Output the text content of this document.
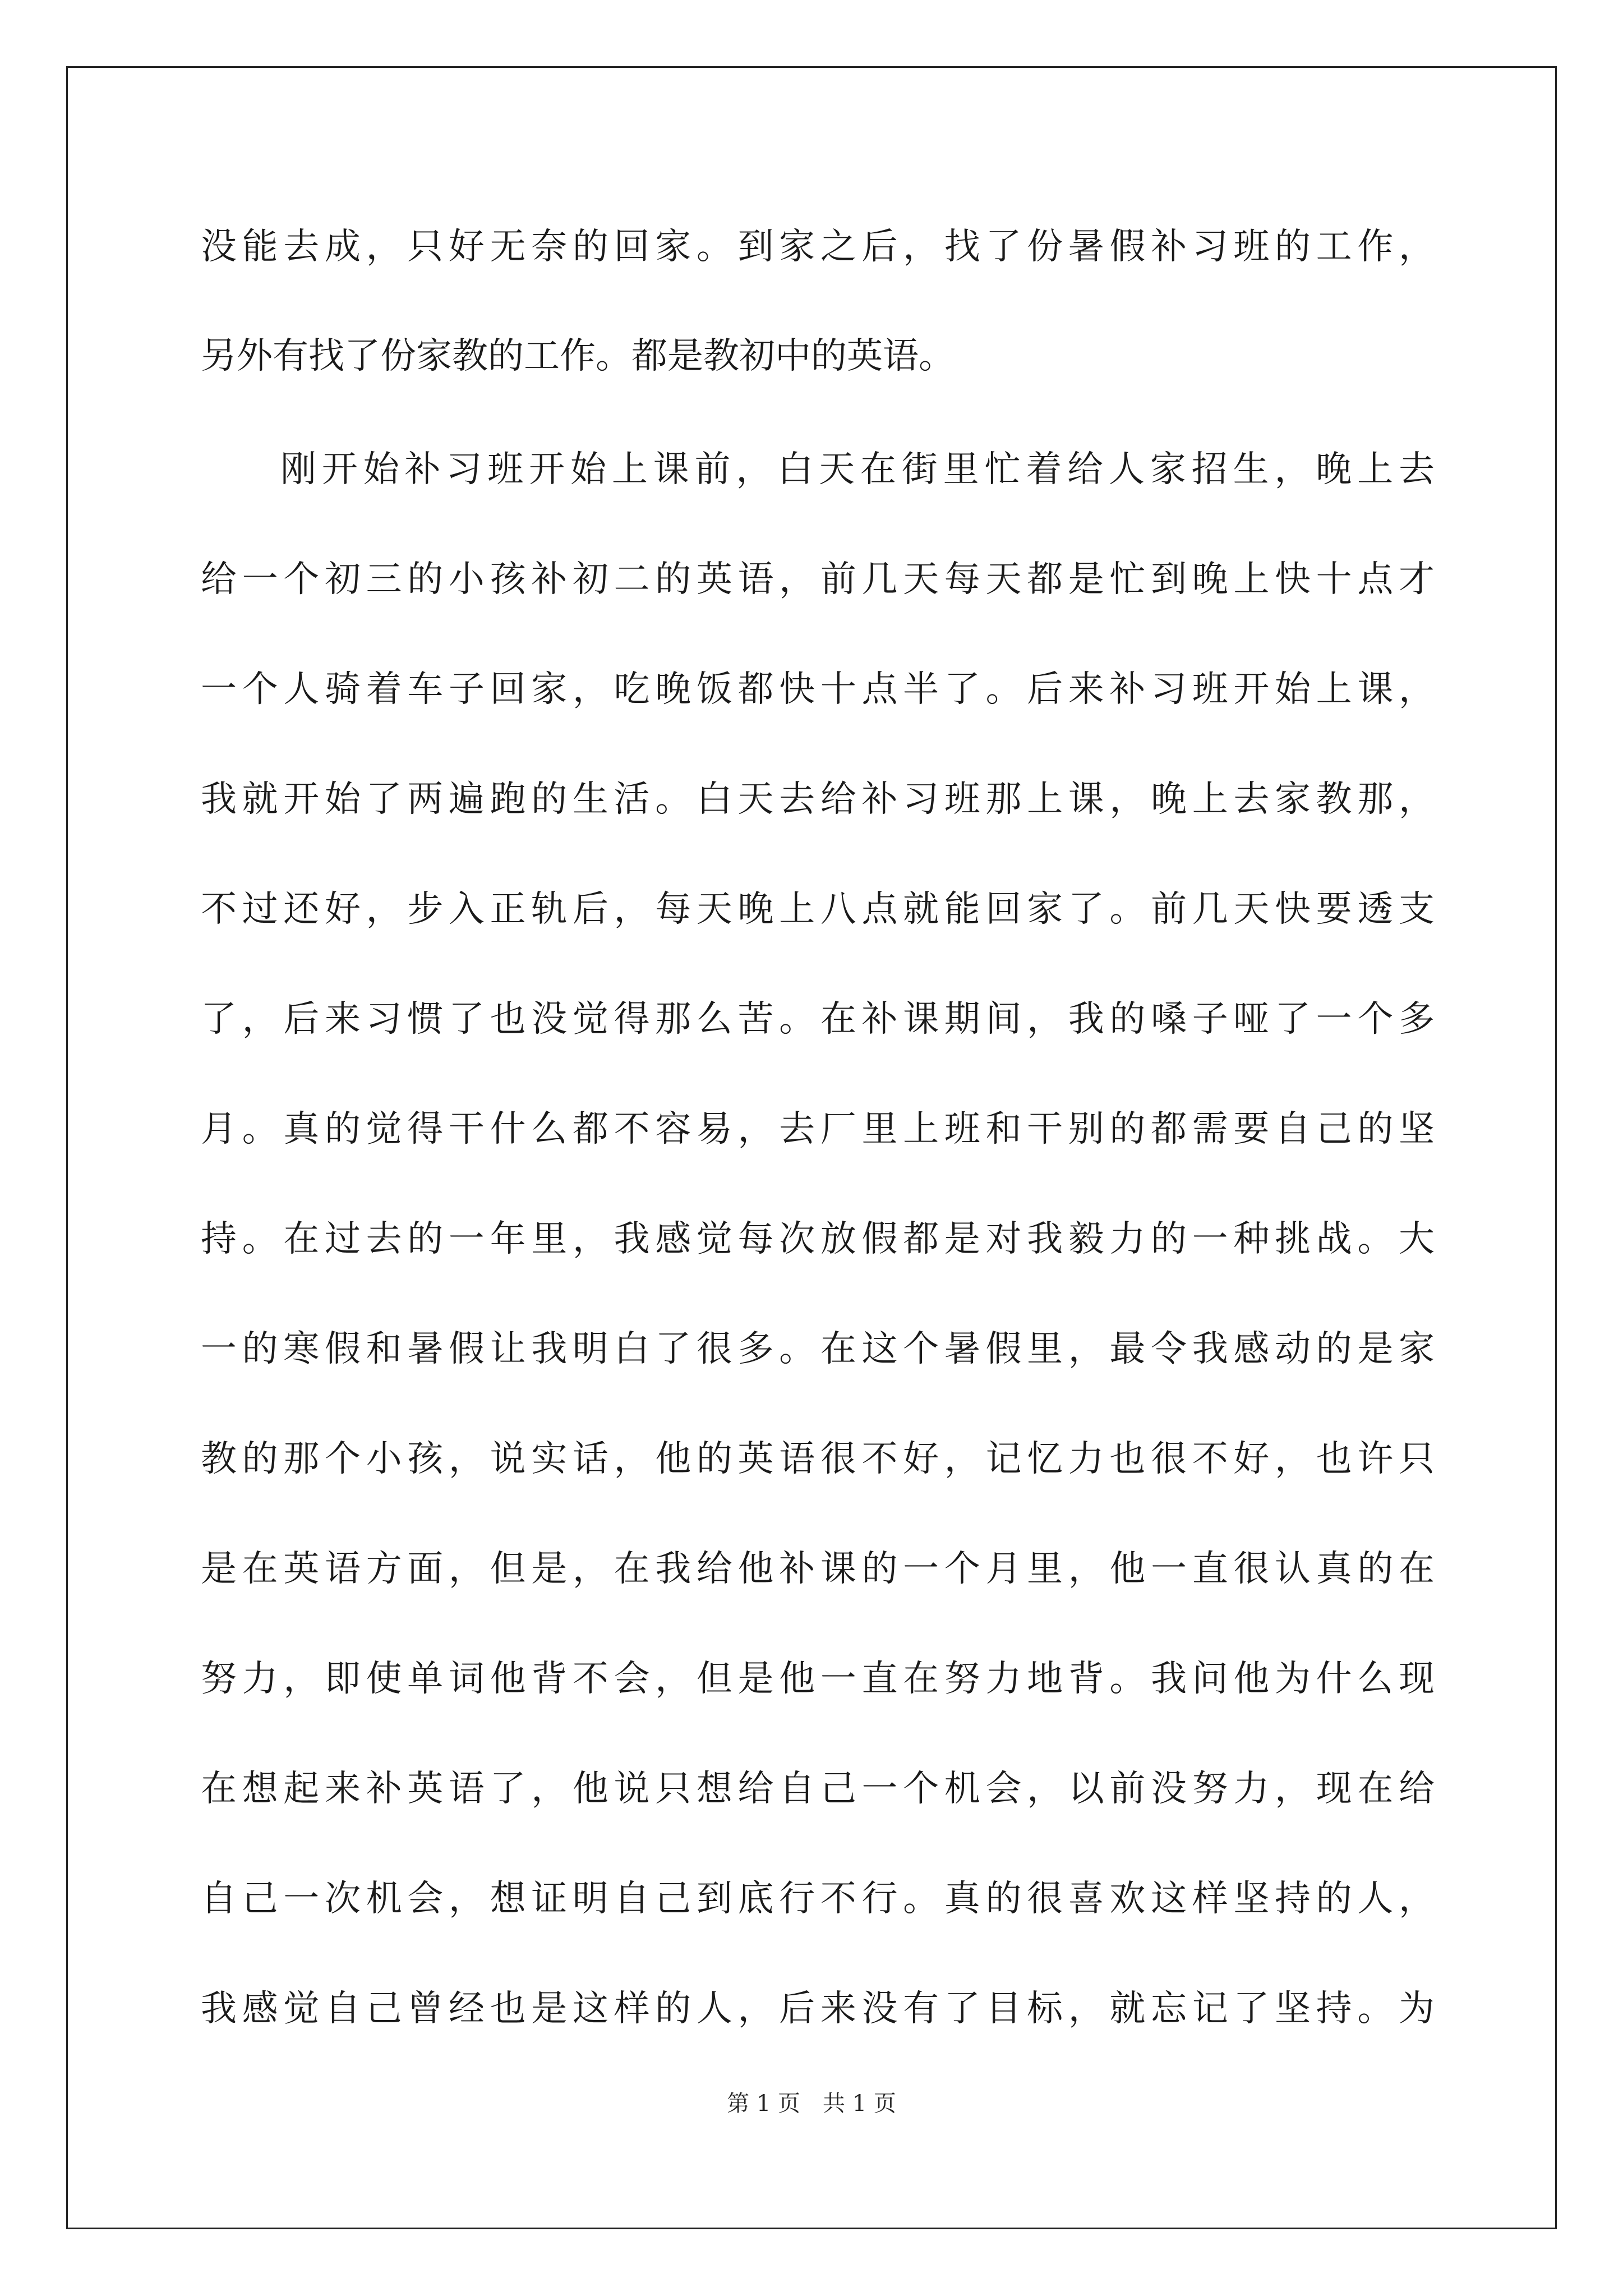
没能去成，只好无奈的回家。到家之后，找了份暑假补习班的工作，
另外有找了份家教的工作。都是教初中的英语。
刚开始补习班开始上课前，白天在街里忙着给人家招生，晚上去
给一个初三的小孩补初二的英语，前几天每天都是忙到晚上快十点才
一个人骑着车子回家，吃晚饭都快十点半了。后来补习班开始上课，
我就开始了两遍跑的生活。白天去给补习班那上课，晚上去家教那，
不过还好，步入正轨后，每天晚上八点就能回家了。前几天快要透支
了，后来习惯了也没觉得那么苦。在补课期间，我的嗓子哑了一个多
月。真的觉得干什么都不容易，去厂里上班和干别的都需要自己的坚
持。在过去的一年里，我感觉每次放假都是对我毅力的一种挑战。大
一的寒假和暑假让我明白了很多。在这个暑假里，最令我感动的是家
教的那个小孩，说实话，他的英语很不好，记忆力也很不好，也许只
是在英语方面，但是，在我给他补课的一个月里，他一直很认真的在
努力，即使单词他背不会，但是他一直在努力地背。我问他为什么现
在想起来补英语了，他说只想给自己一个机会，以前没努力，现在给
自己一次机会，想证明自己到底行不行。真的很喜欢这样坚持的人，
我感觉自己曾经也是这样的人，后来没有了目标，就忘记了坚持。为
第 1 页　共 1 页
